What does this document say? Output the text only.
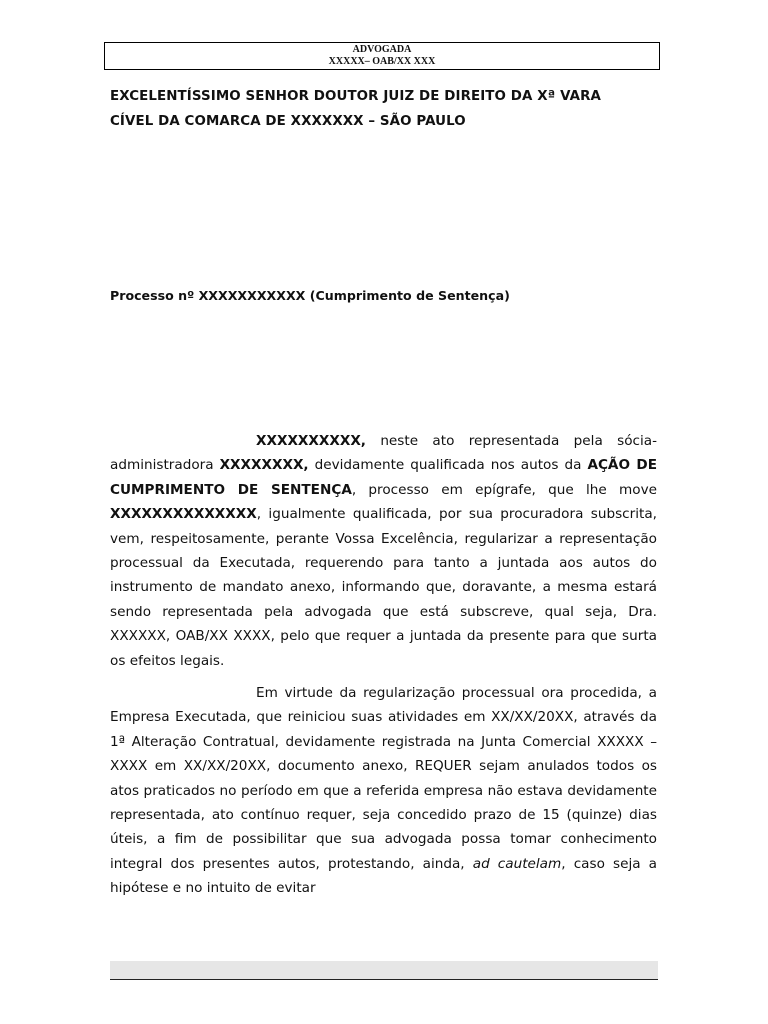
ADVOGADA
XXXXX– OAB/XX XXX
EXCELENTÍSSIMO SENHOR DOUTOR JUIZ DE DIREITO DA Xª VARA
CÍVEL DA COMARCA DE XXXXXXX – SÃO PAULO
Processo nº XXXXXXXXXXX (Cumprimento de Sentença)
XXXXXXXXXX, neste ato representada pela sócia-administradora XXXXXXXX, devidamente qualificada nos autos da AÇÃO DE CUMPRIMENTO DE SENTENÇA, processo em epígrafe, que lhe move XXXXXXXXXXXXXX, igualmente qualificada, por sua procuradora subscrita, vem, respeitosamente, perante Vossa Excelência, regularizar a representação processual da Executada, requerendo para tanto a juntada aos autos do instrumento de mandato anexo, informando que, doravante, a mesma estará sendo representada pela advogada que está subscreve, qual seja, Dra. XXXXXX, OAB/XX XXXX, pelo que requer a juntada da presente para que surta os efeitos legais.
Em virtude da regularização processual ora procedida, a Empresa Executada, que reiniciou suas atividades em XX/XX/20XX, através da 1ª Alteração Contratual, devidamente registrada na Junta Comercial XXXXX – XXXX em XX/XX/20XX, documento anexo, REQUER sejam anulados todos os atos praticados no período em que a referida empresa não estava devidamente representada, ato contínuo requer, seja concedido prazo de 15 (quinze) dias úteis, a fim de possibilitar que sua advogada possa tomar conhecimento integral dos presentes autos, protestando, ainda, ad cautelam, caso seja a hipótese e no intuito de evitar
